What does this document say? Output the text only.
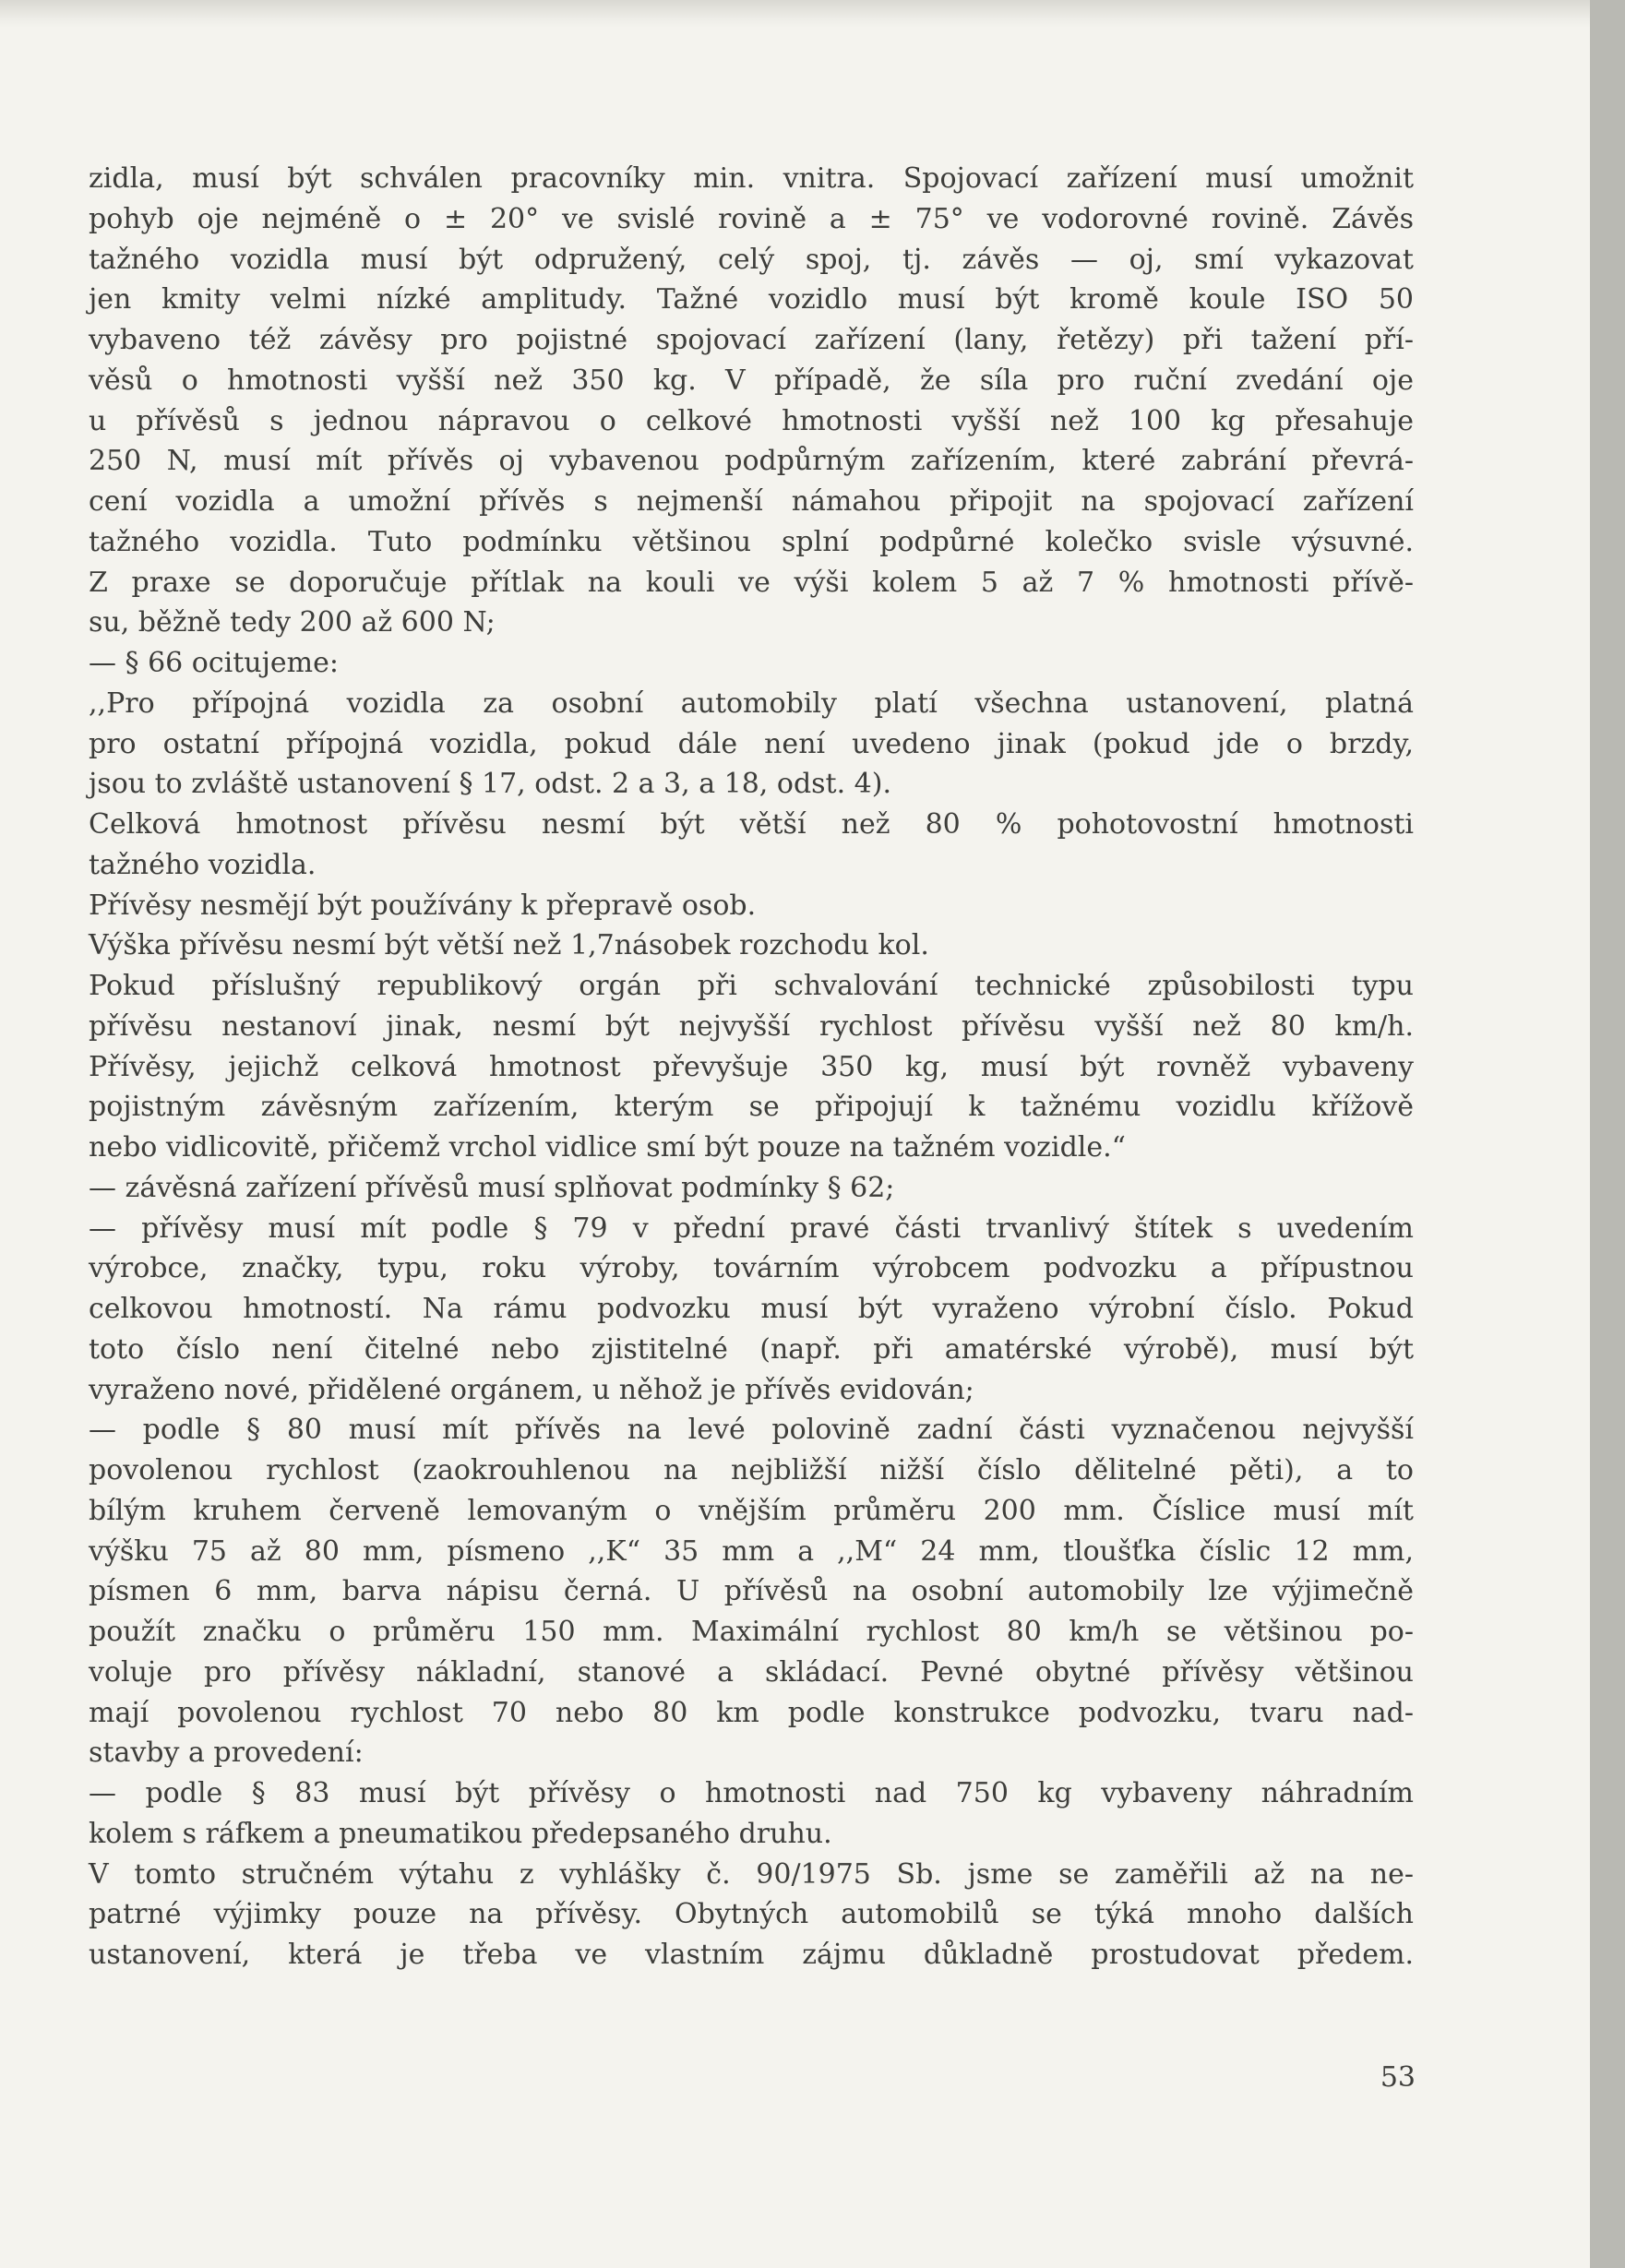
zidla, musí být schválen pracovníky min. vnitra. Spojovací zařízení musí umožnit
pohyb oje nejméně o ± 20° ve svislé rovině a ± 75° ve vodorovné rovině. Závěs
tažného vozidla musí být odpružený, celý spoj, tj. závěs — oj, smí vykazovat
jen kmity velmi nízké amplitudy. Tažné vozidlo musí být kromě koule ISO 50
vybaveno též závěsy pro pojistné spojovací zařízení (lany, řetězy) při tažení pří-
věsů o hmotnosti vyšší než 350 kg. V případě, že síla pro ruční zvedání oje
u přívěsů s jednou nápravou o celkové hmotnosti vyšší než 100 kg přesahuje
250 N, musí mít přívěs oj vybavenou podpůrným zařízením, které zabrání převrá-
cení vozidla a umožní přívěs s nejmenší námahou připojit na spojovací zařízení
tažného vozidla. Tuto podmínku většinou splní podpůrné kolečko svisle výsuvné.
Z praxe se doporučuje přítlak na kouli ve výši kolem 5 až 7 % hmotnosti přívě-
su, běžně tedy 200 až 600 N;
— § 66 ocitujeme:
,,Pro přípojná vozidla za osobní automobily platí všechna ustanovení, platná
pro ostatní přípojná vozidla, pokud dále není uvedeno jinak (pokud jde o brzdy,
jsou to zvláště ustanovení § 17, odst. 2 a 3, a 18, odst. 4).
Celková hmotnost přívěsu nesmí být větší než 80 % pohotovostní hmotnosti
tažného vozidla.
Přívěsy nesmějí být používány k přepravě osob.
Výška přívěsu nesmí být větší než 1,7násobek rozchodu kol.
Pokud příslušný republikový orgán při schvalování technické způsobilosti typu
přívěsu nestanoví jinak, nesmí být nejvyšší rychlost přívěsu vyšší než 80 km/h.
Přívěsy, jejichž celková hmotnost převyšuje 350 kg, musí být rovněž vybaveny
pojistným závěsným zařízením, kterým se připojují k tažnému vozidlu křížově
nebo vidlicovitě, přičemž vrchol vidlice smí být pouze na tažném vozidle.“
— závěsná zařízení přívěsů musí splňovat podmínky § 62;
— přívěsy musí mít podle § 79 v přední pravé části trvanlivý štítek s uvedením
výrobce, značky, typu, roku výroby, továrním výrobcem podvozku a přípustnou
celkovou hmotností. Na rámu podvozku musí být vyraženo výrobní číslo. Pokud
toto číslo není čitelné nebo zjistitelné (např. při amatérské výrobě), musí být
vyraženo nové, přidělené orgánem, u něhož je přívěs evidován;
— podle § 80 musí mít přívěs na levé polovině zadní části vyznačenou nejvyšší
povolenou rychlost (zaokrouhlenou na nejbližší nižší číslo dělitelné pěti), a to
bílým kruhem červeně lemovaným o vnějším průměru 200 mm. Číslice musí mít
výšku 75 až 80 mm, písmeno ,,K“ 35 mm a ,,M“ 24 mm, tloušťka číslic 12 mm,
písmen 6 mm, barva nápisu černá. U přívěsů na osobní automobily lze výjimečně
použít značku o průměru 150 mm. Maximální rychlost 80 km/h se většinou po-
voluje pro přívěsy nákladní, stanové a skládací. Pevné obytné přívěsy většinou
mají povolenou rychlost 70 nebo 80 km podle konstrukce podvozku, tvaru nad-
stavby a provedení:
— podle § 83 musí být přívěsy o hmotnosti nad 750 kg vybaveny náhradním
kolem s ráfkem a pneumatikou předepsaného druhu.
V tomto stručném výtahu z vyhlášky č. 90/1975 Sb. jsme se zaměřili až na ne-
patrné výjimky pouze na přívěsy. Obytných automobilů se týká mnoho dalších
ustanovení, která je třeba ve vlastním zájmu důkladně prostudovat předem.
53
